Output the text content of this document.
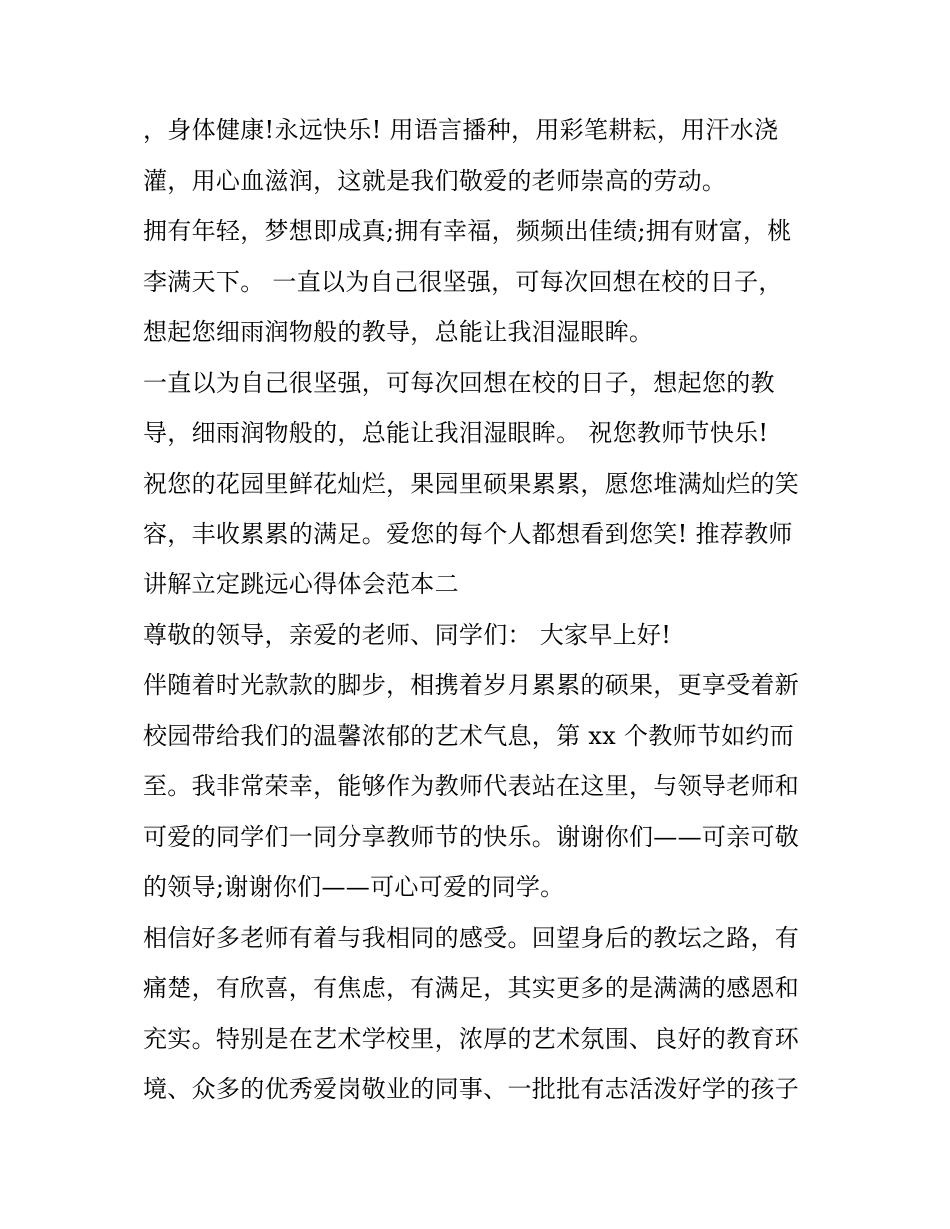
，身体健康!永远快乐! 用语言播种，用彩笔耕耘，用汗水浇
灌，用心血滋润，这就是我们敬爱的老师崇高的劳动。
拥有年轻，梦想即成真;拥有幸福，频频出佳绩;拥有财富，桃
李满天下。 一直以为自己很坚强，可每次回想在校的日子，
想起您细雨润物般的教导，总能让我泪湿眼眸。
一直以为自己很坚强，可每次回想在校的日子，想起您的教
导，细雨润物般的，总能让我泪湿眼眸。 祝您教师节快乐!
祝您的花园里鲜花灿烂，果园里硕果累累，愿您堆满灿烂的笑
容，丰收累累的满足。爱您的每个人都想看到您笑! 推荐教师
讲解立定跳远心得体会范本二
尊敬的领导，亲爱的老师、同学们： 大家早上好!
伴随着时光款款的脚步，相携着岁月累累的硕果，更享受着新
校园带给我们的温馨浓郁的艺术气息，第 xx 个教师节如约而
至。我非常荣幸，能够作为教师代表站在这里，与领导老师和
可爱的同学们一同分享教师节的快乐。谢谢你们——可亲可敬
的领导;谢谢你们——可心可爱的同学。
相信好多老师有着与我相同的感受。回望身后的教坛之路，有
痛楚，有欣喜，有焦虑，有满足，其实更多的是满满的感恩和
充实。特别是在艺术学校里，浓厚的艺术氛围、良好的教育环
境、众多的优秀爱岗敬业的同事、一批批有志活泼好学的孩子
